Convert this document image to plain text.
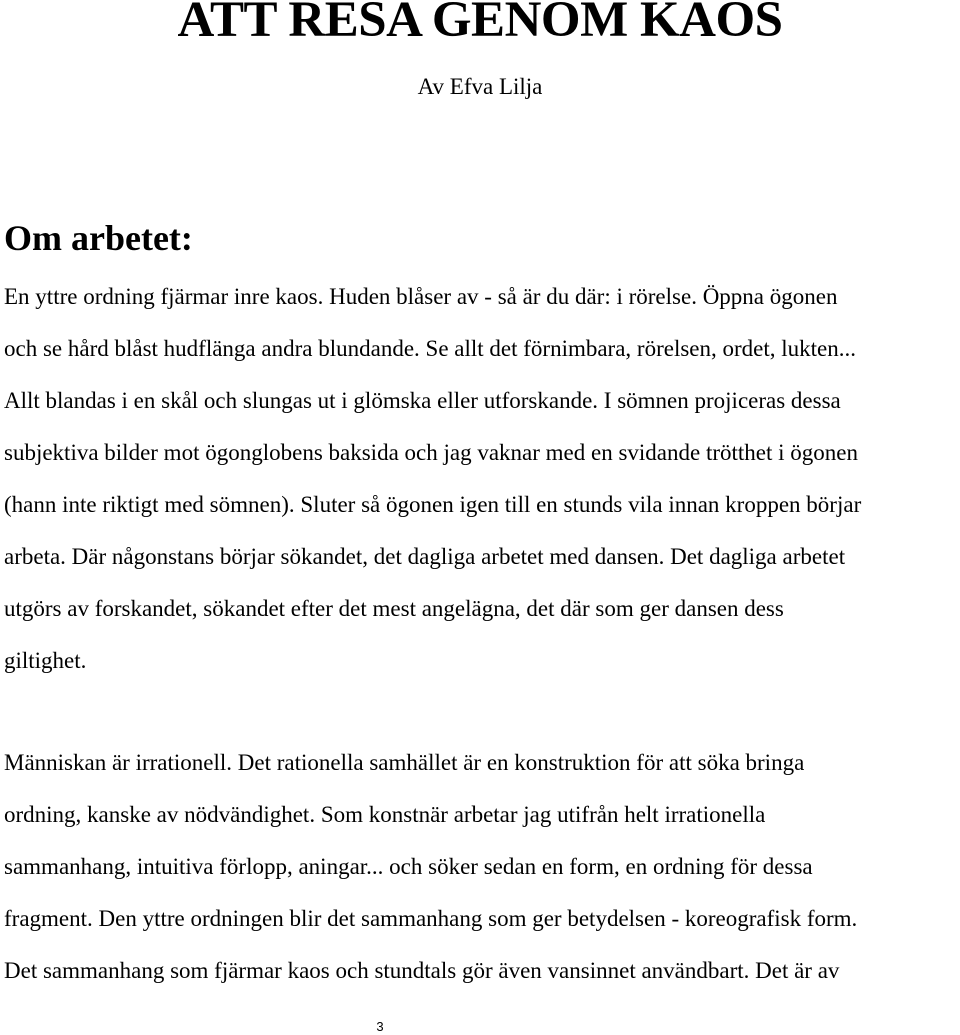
ATT RESA GENOM KAOS
Av Efva Lilja
Om arbetet:

En yttre ordning fjärmar inre kaos. Huden blåser av - så är du där: i rörelse. Öppna ögonen
och se hård blåst hudflänga andra blundande. Se allt det förnimbara, rörelsen, ordet, lukten...
Allt blandas i en skål och slungas ut i glömska eller utforskande. I sömnen projiceras dessa
subjektiva bilder mot ögonglobens baksida och jag vaknar med en svidande trötthet i ögonen
(hann inte riktigt med sömnen). Sluter så ögonen igen till en stunds vila innan kroppen börjar
arbeta. Där någonstans börjar sökandet, det dagliga arbetet med dansen. Det dagliga arbetet
utgörs av forskandet, sökandet efter det mest angelägna, det där som ger dansen dess
giltighet.

Människan är irrationell. Det rationella samhället är en konstruktion för att söka bringa
ordning, kanske av nödvändighet. Som konstnär arbetar jag utifrån helt irrationella
sammanhang, intuitiva förlopp, aningar... och söker sedan en form, en ordning för dessa
fragment. Den yttre ordningen blir det sammanhang som ger betydelsen - koreografisk form.
Det sammanhang som fjärmar kaos och stundtals gör även vansinnet användbart. Det är av

3
